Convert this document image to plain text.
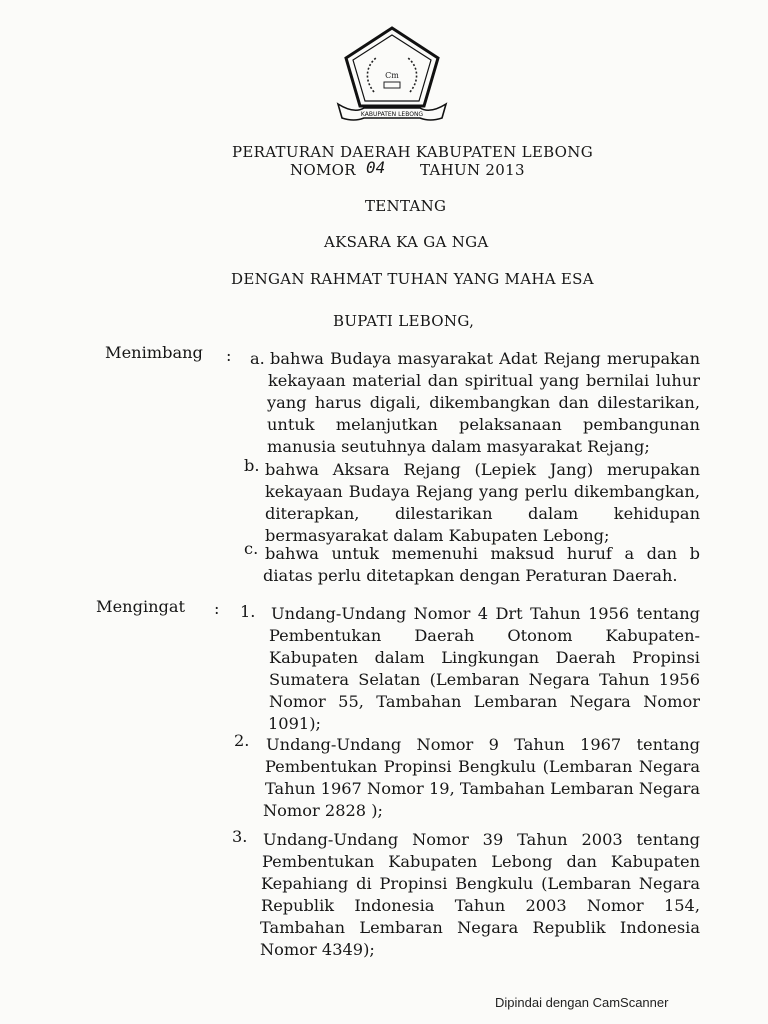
Cm
KABUPATEN LEBONG
PERATURAN DAERAH KABUPATEN LEBONG
NOMOR 04 TAHUN 2013
TENTANG
AKSARA KA GA NGA
DENGAN RAHMAT TUHAN YANG MAHA ESA
BUPATI LEBONG,
Menimbang : a. bahwa Budaya masyarakat Adat Rejang merupakan
kekayaan material dan spiritual yang bernilai luhur
yang harus digali, dikembangkan dan dilestarikan,
untuk melanjutkan pelaksanaan pembangunan
manusia seutuhnya dalam masyarakat Rejang;
b. bahwa Aksara Rejang (Lepiek Jang) merupakan
kekayaan Budaya Rejang yang perlu dikembangkan,
diterapkan, dilestarikan dalam kehidupan
bermasyarakat dalam Kabupaten Lebong;
c. bahwa untuk memenuhi maksud huruf a dan b
diatas perlu ditetapkan dengan Peraturan Daerah.
Mengingat : 1. Undang-Undang Nomor 4 Drt Tahun 1956 tentang
Pembentukan Daerah Otonom Kabupaten-
Kabupaten dalam Lingkungan Daerah Propinsi
Sumatera Selatan (Lembaran Negara Tahun 1956
Nomor 55, Tambahan Lembaran Negara Nomor
1091);
2. Undang-Undang Nomor 9 Tahun 1967 tentang
Pembentukan Propinsi Bengkulu (Lembaran Negara
Tahun 1967 Nomor 19, Tambahan Lembaran Negara
Nomor 2828 );
3. Undang-Undang Nomor 39 Tahun 2003 tentang
Pembentukan Kabupaten Lebong dan Kabupaten
Kepahiang di Propinsi Bengkulu (Lembaran Negara
Republik Indonesia Tahun 2003 Nomor 154,
Tambahan Lembaran Negara Republik Indonesia
Nomor 4349);
Dipindai dengan CamScanner
